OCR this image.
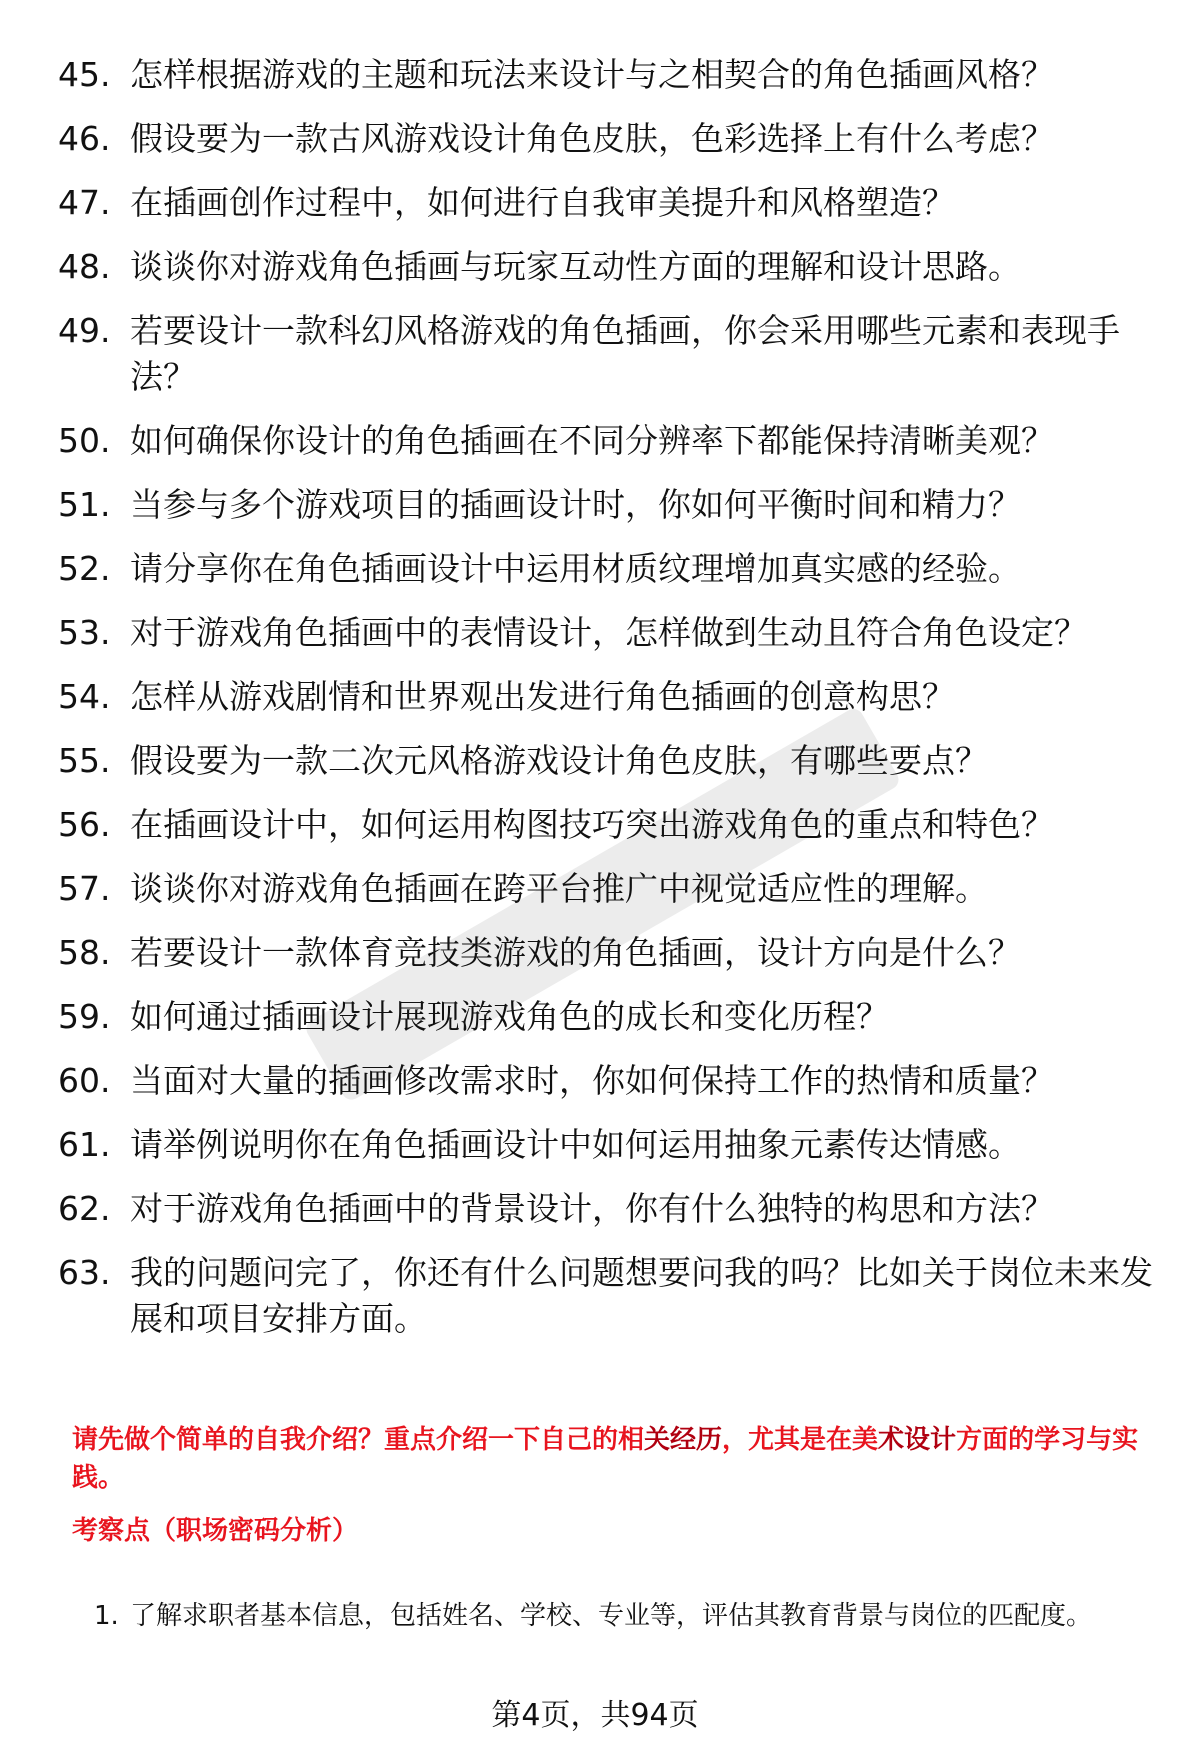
45. 怎样根据游戏的主题和玩法来设计与之相契合的角色插画风格？
46. 假设要为一款古风游戏设计角色皮肤，色彩选择上有什么考虑？
47. 在插画创作过程中，如何进行自我审美提升和风格塑造？
48. 谈谈你对游戏角色插画与玩家互动性方面的理解和设计思路。
49. 若要设计一款科幻风格游戏的角色插画，你会采用哪些元素和表现手法？
50. 如何确保你设计的角色插画在不同分辨率下都能保持清晰美观？
51. 当参与多个游戏项目的插画设计时，你如何平衡时间和精力？
52. 请分享你在角色插画设计中运用材质纹理增加真实感的经验。
53. 对于游戏角色插画中的表情设计，怎样做到生动且符合角色设定？
54. 怎样从游戏剧情和世界观出发进行角色插画的创意构思？
55. 假设要为一款二次元风格游戏设计角色皮肤，有哪些要点？
56. 在插画设计中，如何运用构图技巧突出游戏角色的重点和特色？
57. 谈谈你对游戏角色插画在跨平台推广中视觉适应性的理解。
58. 若要设计一款体育竞技类游戏的角色插画，设计方向是什么？
59. 如何通过插画设计展现游戏角色的成长和变化历程？
60. 当面对大量的插画修改需求时，你如何保持工作的热情和质量？
61. 请举例说明你在角色插画设计中如何运用抽象元素传达情感。
62. 对于游戏角色插画中的背景设计，你有什么独特的构思和方法？
63. 我的问题问完了，你还有什么问题想要问我的吗？比如关于岗位未来发展和项目安排方面。
请先做个简单的自我介绍？重点介绍一下自己的相关经历，尤其是在美术设计方面的学习与实践。
考察点（职场密码分析）
1. 了解求职者基本信息，包括姓名、学校、专业等，评估其教育背景与岗位的匹配度。
第4页，共94页
